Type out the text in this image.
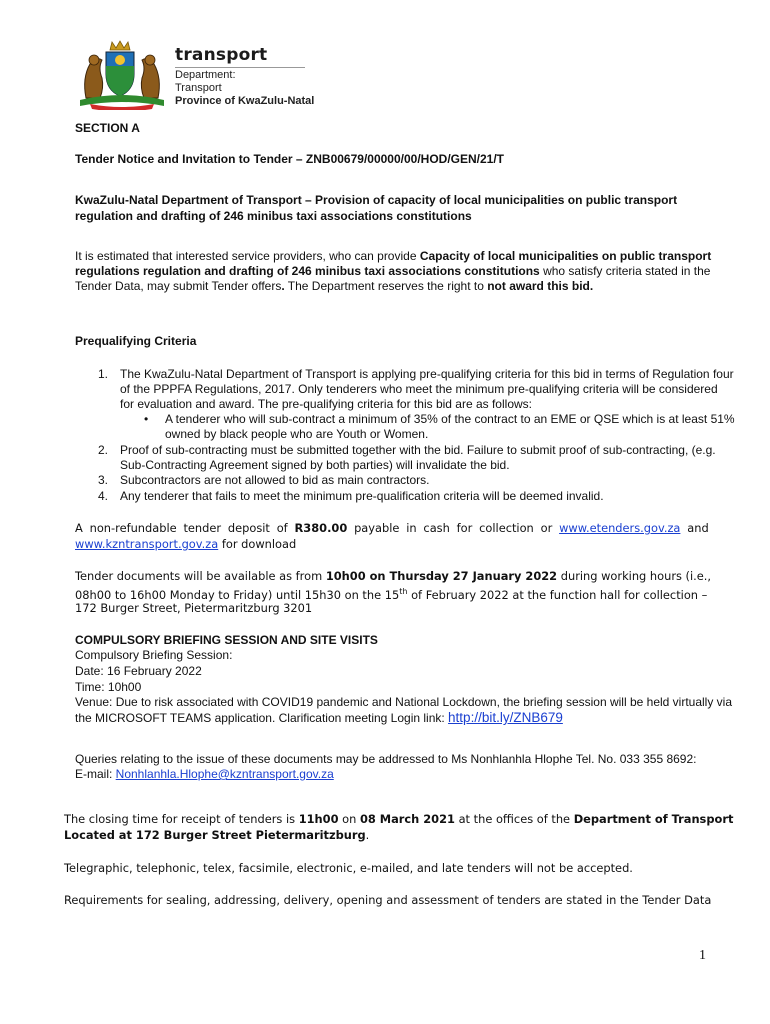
transport
Department:
Transport
Province of KwaZulu-Natal
SECTION A
Tender Notice and Invitation to Tender – ZNB00679/00000/00/HOD/GEN/21/T
KwaZulu-Natal Department of Transport – Provision of capacity of local municipalities on public transport
regulation and drafting of 246 minibus taxi associations constitutions
It is estimated that interested service providers, who can provide Capacity of local municipalities on public transport
regulations regulation and drafting of 246 minibus taxi associations constitutions who satisfy criteria stated in the
Tender Data, may submit Tender offers. The Department reserves the right to not award this bid.
Prequalifying Criteria
1. The KwaZulu-Natal Department of Transport is applying pre-qualifying criteria for this bid in terms of Regulation four
of the PPPFA Regulations, 2017. Only tenderers who meet the minimum pre-qualifying criteria will be considered
for evaluation and award. The pre-qualifying criteria for this bid are as follows:
• A tenderer who will sub-contract a minimum of 35% of the contract to an EME or QSE which is at least 51%
owned by black people who are Youth or Women.
2. Proof of sub-contracting must be submitted together with the bid. Failure to submit proof of sub-contracting, (e.g.
Sub-Contracting Agreement signed by both parties) will invalidate the bid.
3. Subcontractors are not allowed to bid as main contractors.
4. Any tenderer that fails to meet the minimum pre-qualification criteria will be deemed invalid.
A non-refundable tender deposit of R380.00 payable in cash for collection or www.etenders.gov.za and
www.kzntransport.gov.za for download
Tender documents will be available as from 10h00 on Thursday 27 January 2022 during working hours (i.e.,
08h00 to 16h00 Monday to Friday) until 15h30 on the 15th of February 2022 at the function hall for collection –
172 Burger Street, Pietermaritzburg 3201
COMPULSORY BRIEFING SESSION AND SITE VISITS
Compulsory Briefing Session:
Date: 16 February 2022
Time: 10h00
Venue: Due to risk associated with COVID19 pandemic and National Lockdown, the briefing session will be held virtually via
the MICROSOFT TEAMS application. Clarification meeting Login link: http://bit.ly/ZNB679
Queries relating to the issue of these documents may be addressed to Ms Nonhlanhla Hlophe Tel. No. 033 355 8692:
E-mail: Nonhlanhla.Hlophe@kzntransport.gov.za
The closing time for receipt of tenders is 11h00 on 08 March 2021 at the offices of the Department of Transport
Located at 172 Burger Street Pietermaritzburg.
Telegraphic, telephonic, telex, facsimile, electronic, e-mailed, and late tenders will not be accepted.
Requirements for sealing, addressing, delivery, opening and assessment of tenders are stated in the Tender Data
1
